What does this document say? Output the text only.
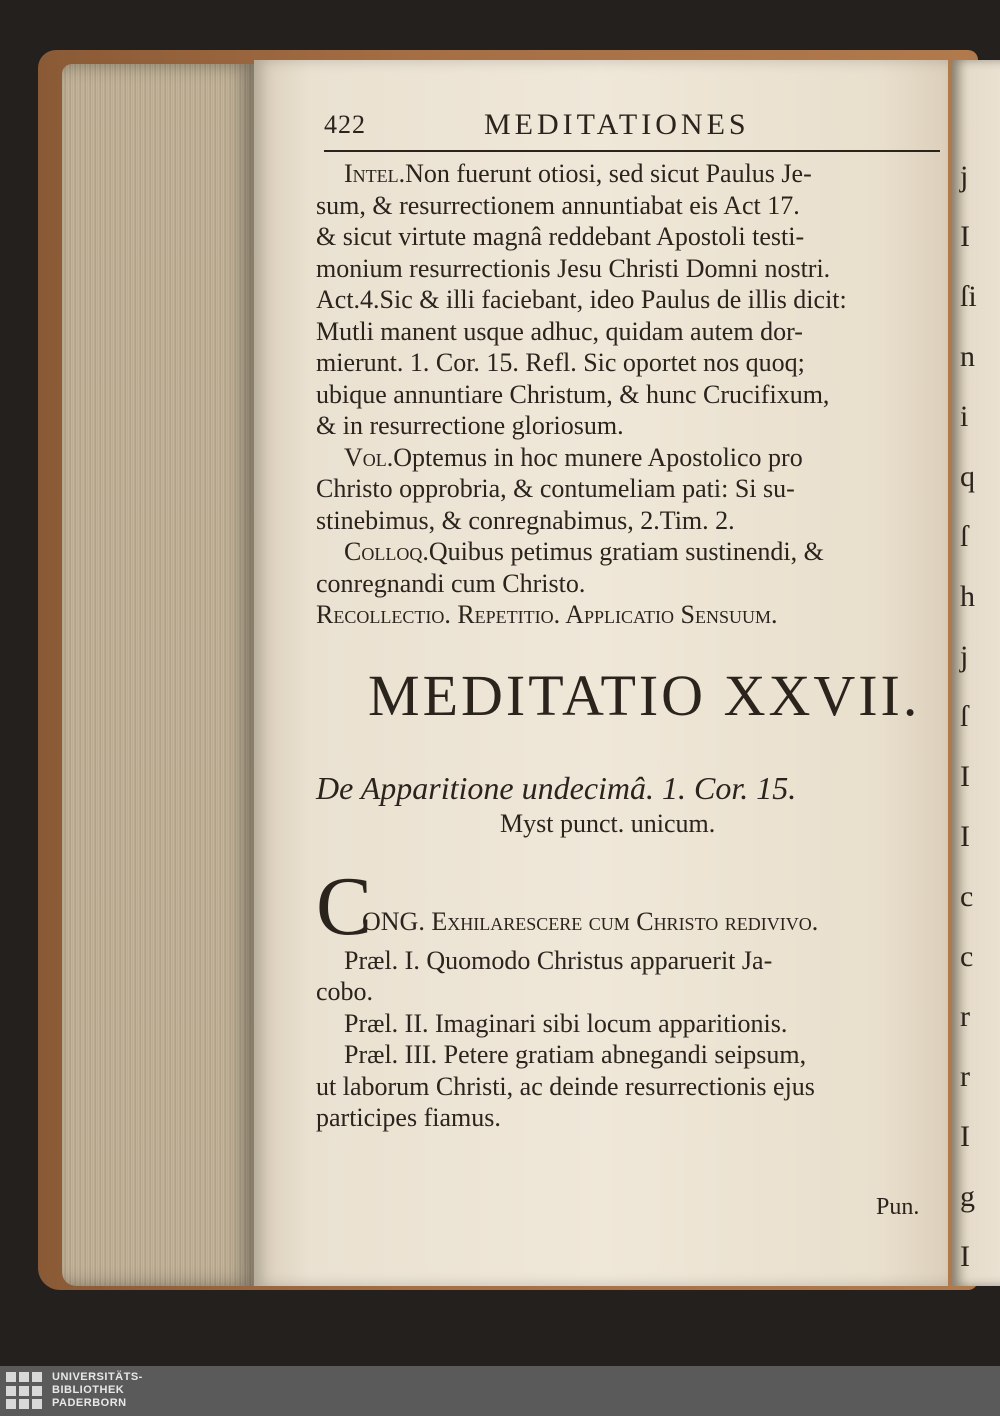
j
I
ſi
n
i
q
ſ
h
j
ſ
I
I
c
c
r
r
I
g
I
422	MEDITATIONES

Intel.Non fuerunt otiosi, sed sicut Paulus Je-

sum, & resurrectionem annuntiabat eis Act 17.

& sicut virtute magnâ reddebant Apostoli testi-

monium resurrectionis Jesu Christi Domni nostri.

Act.4.Sic & illi faciebant, ideo Paulus de illis dicit:

Mutli manent usque adhuc, quidam autem dor-

mierunt. 1. Cor. 15. Refl. Sic oportet nos quoq;

ubique annuntiare Christum, & hunc Crucifixum,

& in resurrectione gloriosum.

Vol.Optemus in hoc munere Apostolico pro

Christo opprobria, & contumeliam pati: Si su-

stinebimus, & conregnabimus, 2.Tim. 2.

Colloq.Quibus petimus gratiam sustinendi, &

conregnandi cum Christo.

Recollectio. Repetitio. Applicatio Sensuum.

MEDITATIO XXVII.
De Apparitione undecimâ. 1. Cor. 15.
Myst punct. unicum.
C
ONG. Exhilarescere cum Christo redivivo.

Præl. I. Quomodo Christus apparuerit Ja-

cobo.

Præl. II. Imaginari sibi locum apparitionis.

Præl. III. Petere gratiam abnegandi seipsum,

ut laborum Christi, ac deinde resurrectionis ejus

participes fiamus.

Pun.
UNIVERSITÄTS-
BIBLIOTHEK
PADERBORN
